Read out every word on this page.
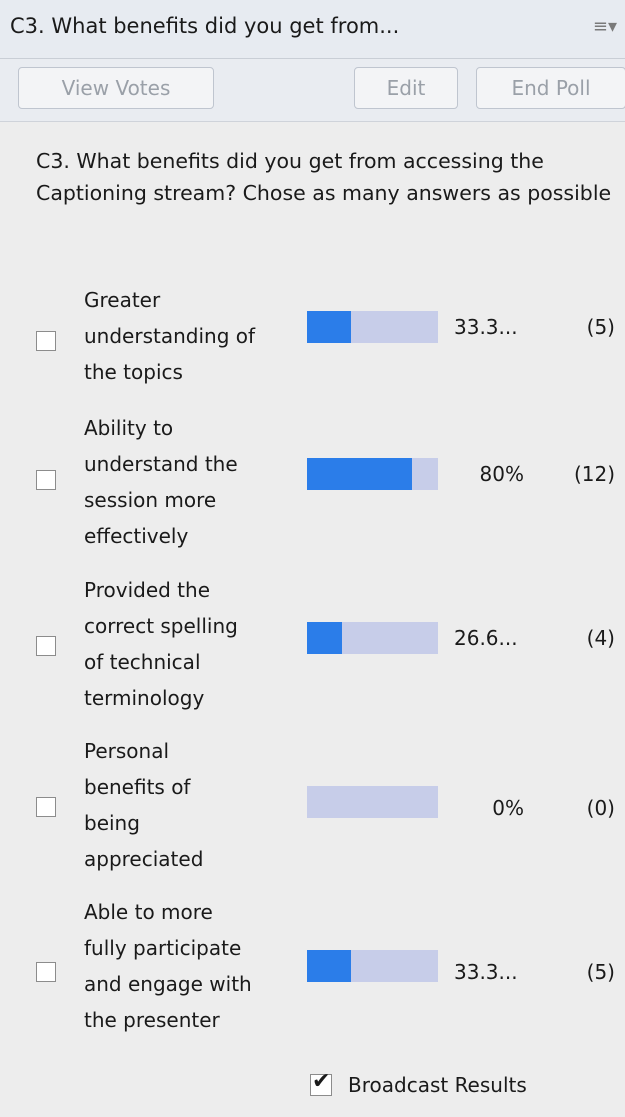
C3. What benefits did you get from...	≡▾
View Votes	Edit	End Poll
C3. What benefits did you get from accessing the Captioning stream? Chose as many answers as possible
Greater
understanding of
the topics
33.3...	(5)
Ability to
understand the
session more
effectively
80%	(12)
Provided the
correct spelling
of technical
terminology
26.6...	(4)
Personal
benefits of
being
appreciated
0%	(0)
Able to more
fully participate
and engage with
the presenter
33.3...	(5)
✔ Broadcast Results
